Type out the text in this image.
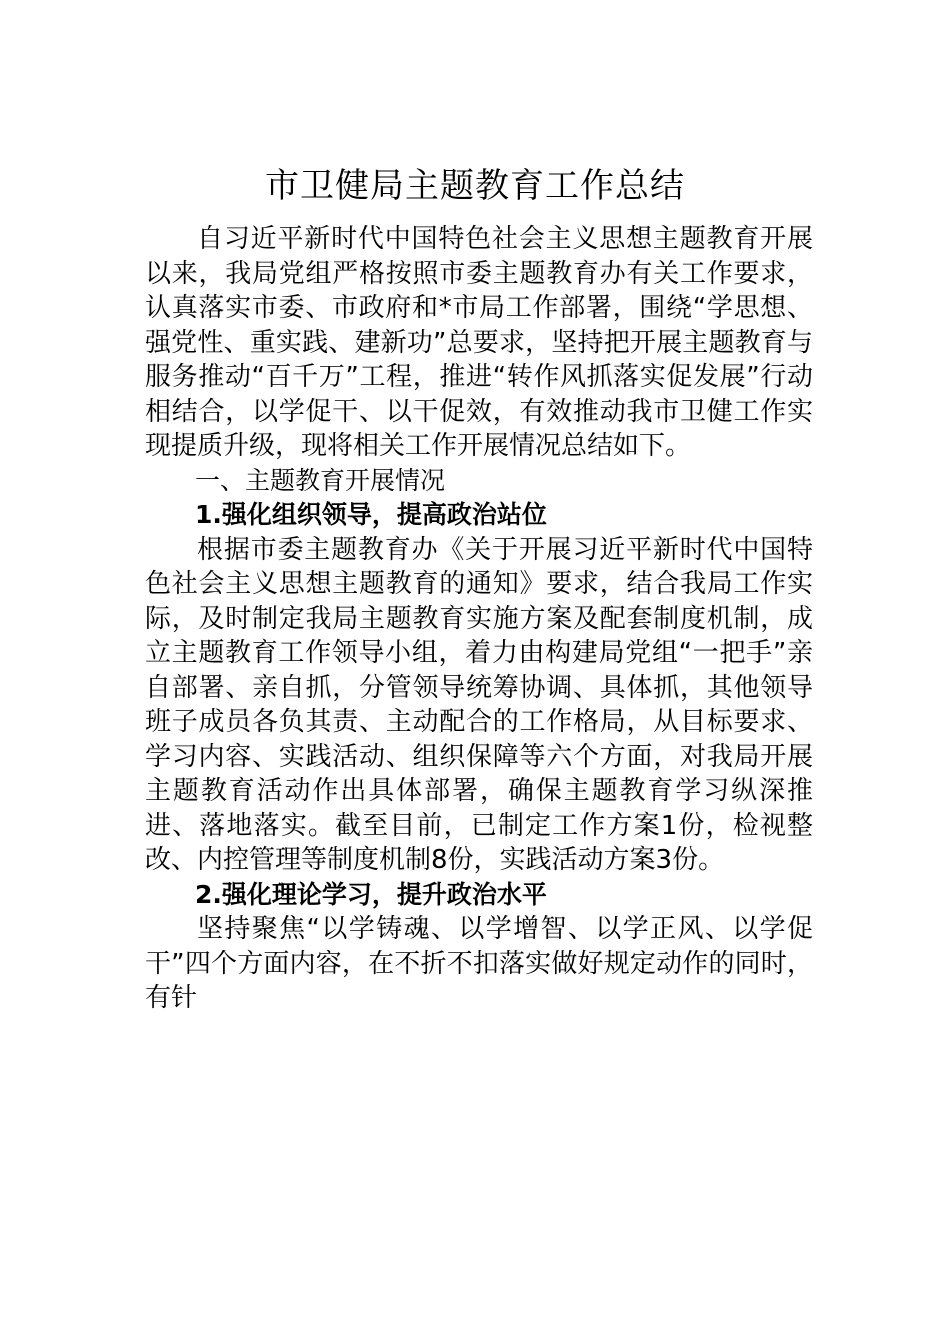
市卫健局主题教育工作总结

自习近平新时代中国特色社会主义思想主题教育开展以来，我局党组严格按照市委主题教育办有关工作要求，认真落实市委、市政府和*市局工作部署，围绕“学思想、强党性、重实践、建新功”总要求，坚持把开展主题教育与服务推动“百千万”工程，推进“转作风抓落实促发展”行动相结合，以学促干、以干促效，有效推动我市卫健工作实现提质升级，现将相关工作开展情况总结如下。

一、主题教育开展情况

1.强化组织领导，提高政治站位

根据市委主题教育办《关于开展习近平新时代中国特色社会主义思想主题教育的通知》要求，结合我局工作实际，及时制定我局主题教育实施方案及配套制度机制，成立主题教育工作领导小组，着力由构建局党组“一把手”亲自部署、亲自抓，分管领导统筹协调、具体抓，其他领导班子成员各负其责、主动配合的工作格局，从目标要求、学习内容、实践活动、组织保障等六个方面，对我局开展主题教育活动作出具体部署，确保主题教育学习纵深推进、落地落实。截至目前，已制定工作方案1份，检视整改、内控管理等制度机制8份，实践活动方案3份。

2.强化理论学习，提升政治水平

坚持聚焦“以学铸魂、以学增智、以学正风、以学促干”四个方面内容，在不折不扣落实做好规定动作的同时，有针
